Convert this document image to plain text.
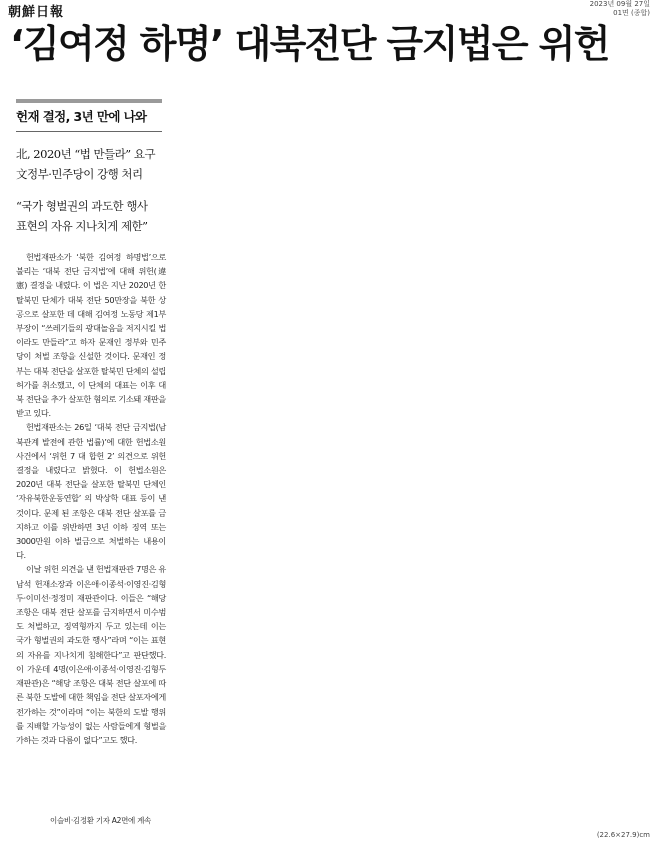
朝鮮日報
2023년 09월 27일
01면 (종합)
‘김여정 하명’ 대북전단 금지법은 위헌
헌재 결정, 3년 만에 나와
北, 2020년 “법 만들라” 요구
文정부·민주당이 강행 처리
“국가 형벌권의 과도한 행사
표현의 자유 지나치게 제한”

헌법재판소가 ‘북한 김여정 하명법’으로 불리는 ‘대북 전단 금지법’에 대해 위헌(違憲) 결정을 내렸다. 이 법은 지난 2020년 한 탈북민 단체가 대북 전단 50만장을 북한 상공으로 살포한 데 대해 김여정 노동당 제1부부장이 “쓰레기들의 광대놀음을 저지시킬 법이라도 만들라”고 하자 문재인 정부와 민주당이 처벌 조항을 신설한 것이다. 문재인 정부는 대북 전단을 살포한 탈북민 단체의 설립 허가를 취소했고, 이 단체의 대표는 이후 대북 전단을 추가 살포한 혐의로 기소돼 재판을 받고 있다.

헌법재판소는 26일 ‘대북 전단 금지법(남북관계 발전에 관한 법률)’에 대한 헌법소원 사건에서 ‘위헌 7 대 합헌 2’ 의견으로 위헌 결정을 내렸다고 밝혔다. 이 헌법소원은 2020년 대북 전단을 살포한 탈북민 단체인 ‘자유북한운동연합’ 의 박상학 대표 등이 낸 것이다. 문제 된 조항은 대북 전단 살포를 금지하고 이를 위반하면 3년 이하 징역 또는 3000만원 이하 벌금으로 처벌하는 내용이다.

이날 위헌 의견을 낸 헌법재판관 7명은 유남석 헌재소장과 이은애·이종석·이영진·김형두·이미선·정정미 재판관이다. 이들은 “해당 조항은 대북 전단 살포를 금지하면서 미수범도 처벌하고, 징역형까지 두고 있는데 이는 국가 형벌권의 과도한 행사”라며 “이는 표현의 자유를 지나치게 침해한다”고 판단했다. 이 가운데 4명(이은애·이종석·이영진·김형두 재판관)은 “해당 조항은 대북 전단 살포에 따른 북한 도발에 대한 책임을 전단 살포자에게 전가하는 것”이라며 “이는 북한의 도발 행위를 지배할 가능성이 없는 사람들에게 형벌을 가하는 것과 다름이 없다”고도 했다.

이슬비·김정환 기자 A2면에 계속
(22.6×27.9)cm
